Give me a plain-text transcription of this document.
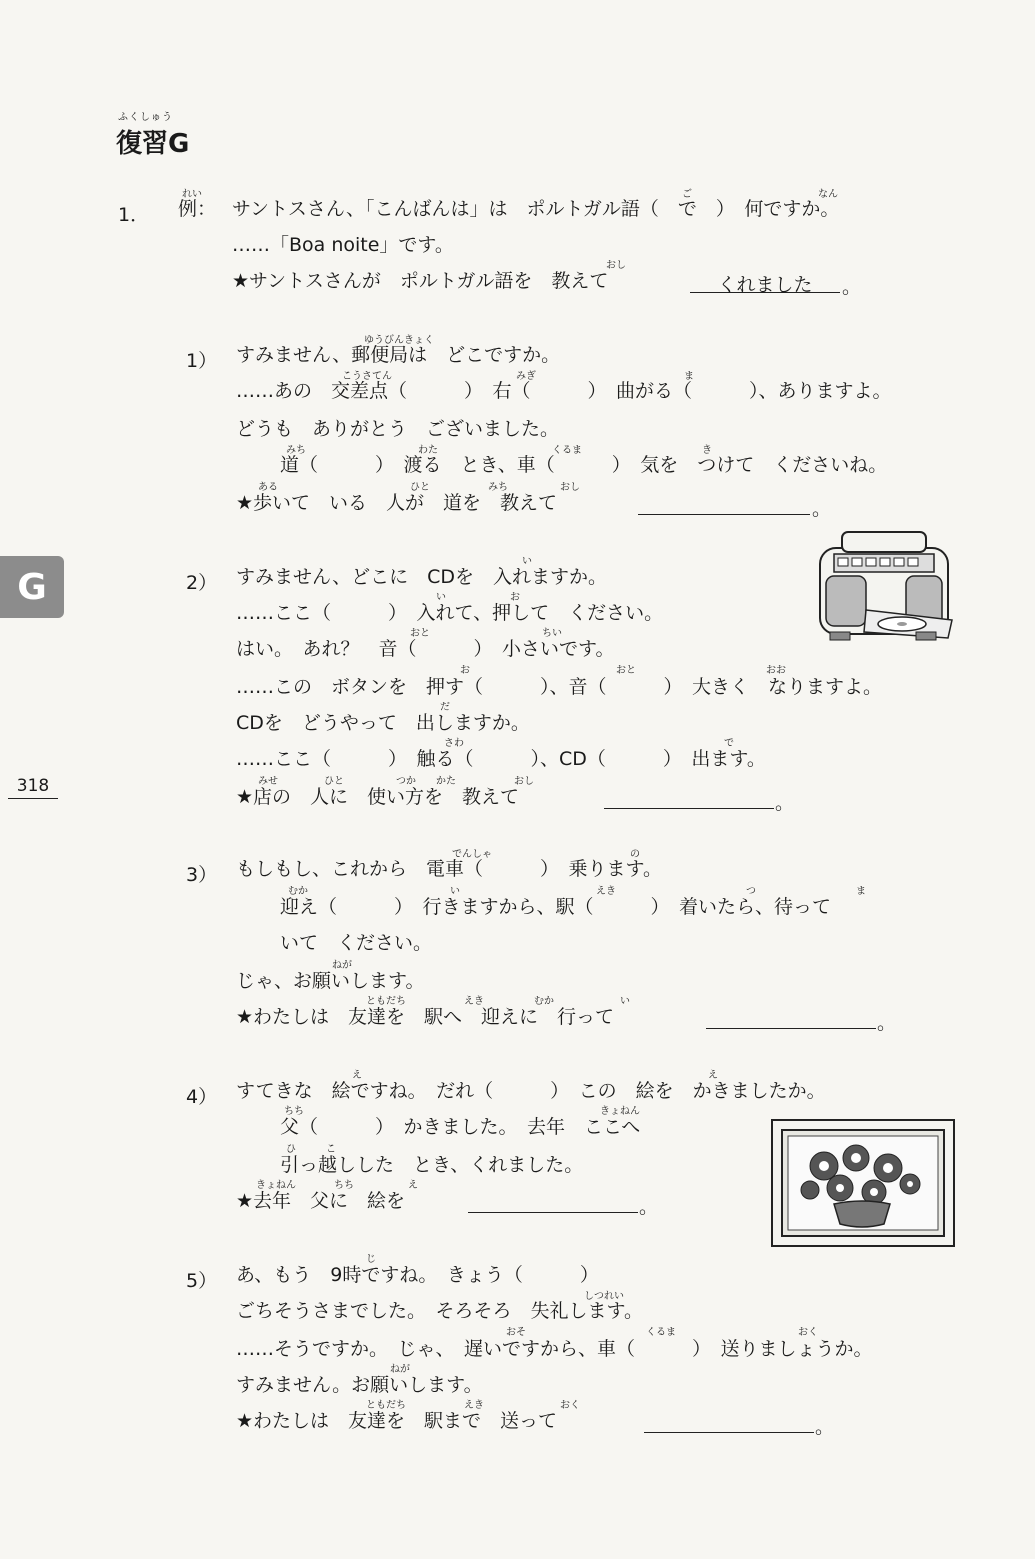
ふくしゅう
復習G
G
318
1．
れい
例：
ご	なん
サントスさん、「こんばんは」は　ポルトガル語（　で　）　何ですか。
……「Boa noite」です。
おし
★サントスさんが　ポルトガル語を　教えて	くれました	。
1）
ゆうびんきょく
すみません、郵便局は　どこですか。
こうさてん	みぎ	ま
……あの　交差点（　　　）　右（　　　）　曲がる（　　　）、ありますよ。
どうも　ありがとう　ございました。
みち	わた	くるま	き
道（　　　）　渡る　とき、車（　　　）　気を　つけて　くださいね。
ある	ひと	みち	おし
★歩いて　いる　人が　道を　教えて	。
2）
い
すみません、どこに　CDを　入れますか。
い	お
……ここ（　　　）　入れて、押して　ください。
おと	ちい
はい。　あれ？　音（　　　）　小さいです。
お	おと	おお
……この　ボタンを　押す（　　　）、音（　　　）　大きく　なりますよ。
だ
CDを　どうやって　出しますか。
さわ	で
……ここ（　　　）　触る（　　　）、CD（　　　）　出ます。
みせ	ひと	つか かた	おし
★店の　人に　使い方を　教えて	。
3）
でんしゃ	の
もしもし、これから　電車（　　　）　乗ります。
むか	い	えき	つ	ま
迎え（　　　）　行きますから、駅（　　　）　着いたら、待って
いて　ください。
ねが
じゃ、お願いします。
ともだち	えき	むか	い
★わたしは　友達を　駅へ　迎えに　行って	。
4）
え	え
すてきな　絵ですね。　だれ（　　　）　この　絵を　かきましたか。
ちち	きょねん
父（　　　）　かきました。　去年　ここへ
ひ	こ
引っ越しした　とき、くれました。
きょねん	ちち	え
★去年　父に　絵を	。
5）
じ
あ、もう　9時ですね。　きょう（　　　）
しつれい
ごちそうさまでした。　そろそろ　失礼します。
おそ	くるま	おく
……そうですか。　じゃ、　遅いですから、車（　　　）　送りましょうか。
ねが
すみません。お願いします。
ともだち	えき	おく
★わたしは　友達を　駅まで　送って	。
